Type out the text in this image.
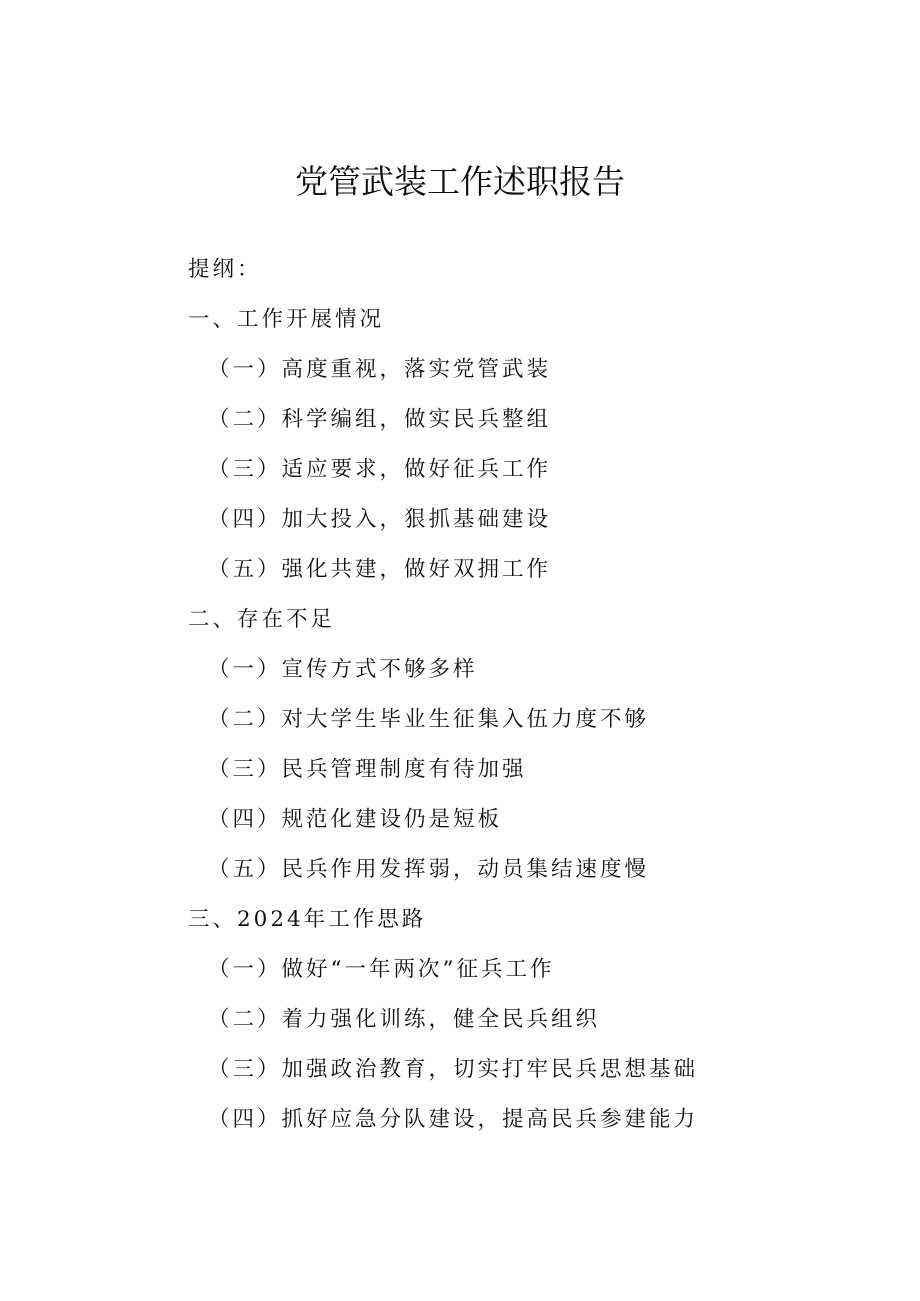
党管武装工作述职报告
提纲：
一、工作开展情况
（一）高度重视，落实党管武装
（二）科学编组，做实民兵整组
（三）适应要求，做好征兵工作
（四）加大投入，狠抓基础建设
（五）强化共建，做好双拥工作
二、存在不足
（一）宣传方式不够多样
（二）对大学生毕业生征集入伍力度不够
（三）民兵管理制度有待加强
（四）规范化建设仍是短板
（五）民兵作用发挥弱，动员集结速度慢
三、2024年工作思路
（一）做好“一年两次”征兵工作
（二）着力强化训练，健全民兵组织
（三）加强政治教育，切实打牢民兵思想基础
（四）抓好应急分队建设，提高民兵参建能力
